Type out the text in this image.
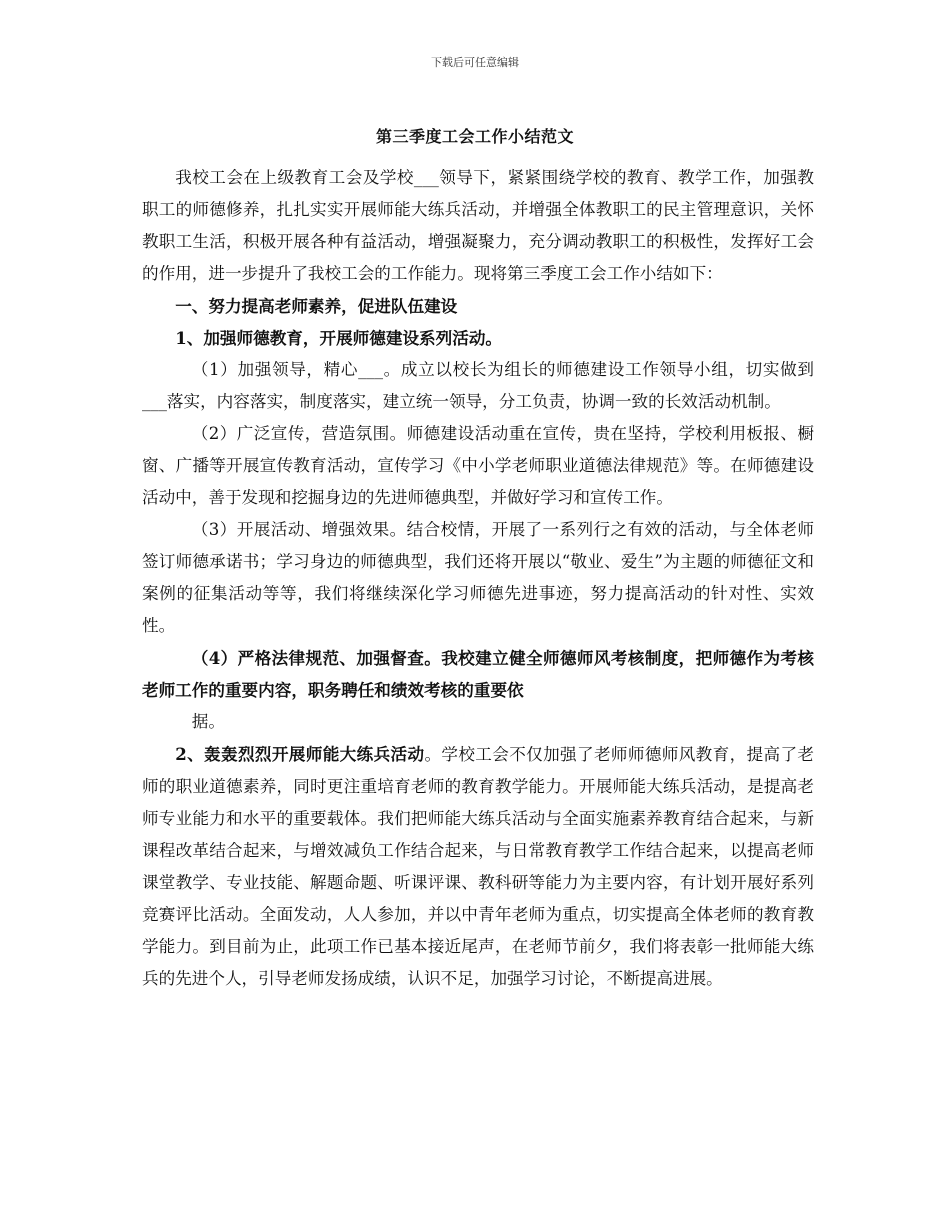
下载后可任意编辑
第三季度工会工作小结范文

我校工会在上级教育工会及学校___领导下，紧紧围绕学校的教育、教学工作，加强教职工的师德修养，扎扎实实开展师能大练兵活动，并增强全体教职工的民主管理意识，关怀教职工生活，积极开展各种有益活动，增强凝聚力，充分调动教职工的积极性，发挥好工会的作用，进一步提升了我校工会的工作能力。现将第三季度工会工作小结如下：

一、努力提高老师素养，促进队伍建设

1、加强师德教育，开展师德建设系列活动。

（1）加强领导，精心___。成立以校长为组长的师德建设工作领导小组，切实做到___落实，内容落实，制度落实，建立统一领导，分工负责，协调一致的长效活动机制。

（2）广泛宣传，营造氛围。师德建设活动重在宣传，贵在坚持，学校利用板报、橱窗、广播等开展宣传教育活动，宣传学习《中小学老师职业道德法律规范》等。在师德建设活动中，善于发现和挖掘身边的先进师德典型，并做好学习和宣传工作。

（3）开展活动、增强效果。结合校情，开展了一系列行之有效的活动，与全体老师签订师德承诺书；学习身边的师德典型，我们还将开展以“敬业、爱生”为主题的师德征文和案例的征集活动等等，我们将继续深化学习师德先进事迹，努力提高活动的针对性、实效性。

（4）严格法律规范、加强督查。我校建立健全师德师风考核制度，把师德作为考核老师工作的重要内容，职务聘任和绩效考核的重要依

据。

2、轰轰烈烈开展师能大练兵活动。学校工会不仅加强了老师师德师风教育，提高了老师的职业道德素养，同时更注重培育老师的教育教学能力。开展师能大练兵活动，是提高老师专业能力和水平的重要载体。我们把师能大练兵活动与全面实施素养教育结合起来，与新课程改革结合起来，与增效减负工作结合起来，与日常教育教学工作结合起来，以提高老师课堂教学、专业技能、解题命题、听课评课、教科研等能力为主要内容，有计划开展好系列竞赛评比活动。全面发动，人人参加，并以中青年老师为重点，切实提高全体老师的教育教学能力。到目前为止，此项工作已基本接近尾声，在老师节前夕，我们将表彰一批师能大练兵的先进个人，引导老师发扬成绩，认识不足，加强学习讨论，不断提高进展。
